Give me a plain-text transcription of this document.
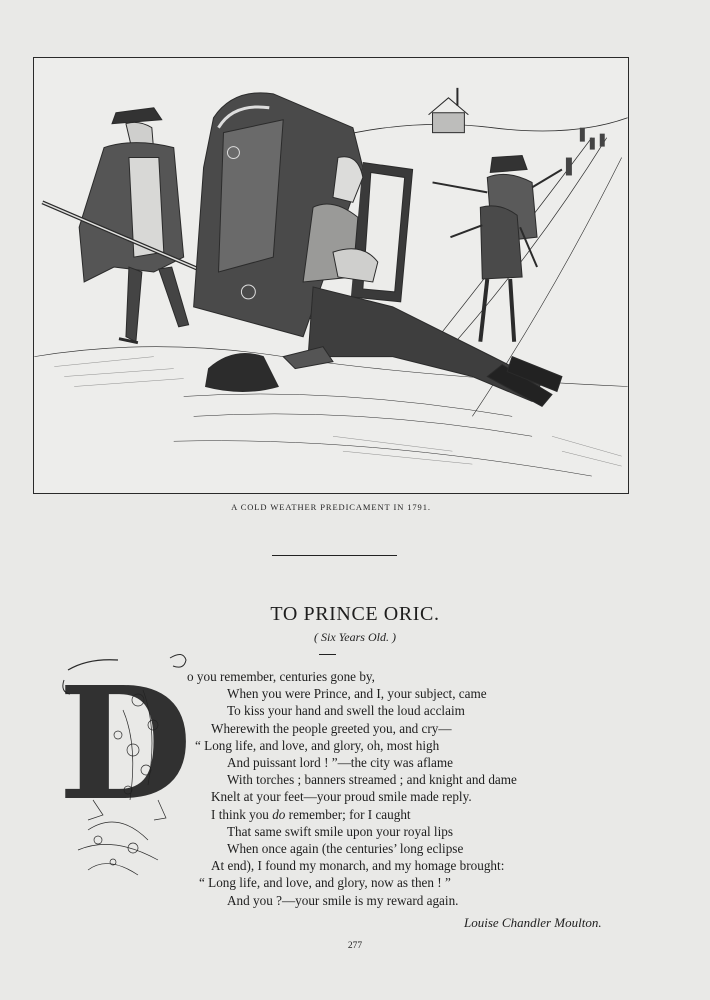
A COLD WEATHER PREDICAMENT IN 1791.
TO PRINCE ORIC.
( Six Years Old. )
D
o you remember, centuries gone by,
When you were Prince, and I, your subject, came
To kiss your hand and swell the loud acclaim
Wherewith the people greeted you, and cry—
“ Long life, and love, and glory, oh, most high
And puissant lord ! ”—the city was aflame
With torches ; banners streamed ; and knight and dame
Knelt at your feet—your proud smile made reply.
I think you do remember; for I caught
That same swift smile upon your royal lips
When once again (the centuries’ long eclipse
At end), I found my monarch, and my homage brought:
“ Long life, and love, and glory, now as then ! ”
And you ?—your smile is my reward again.
Louise Chandler Moulton.
277
